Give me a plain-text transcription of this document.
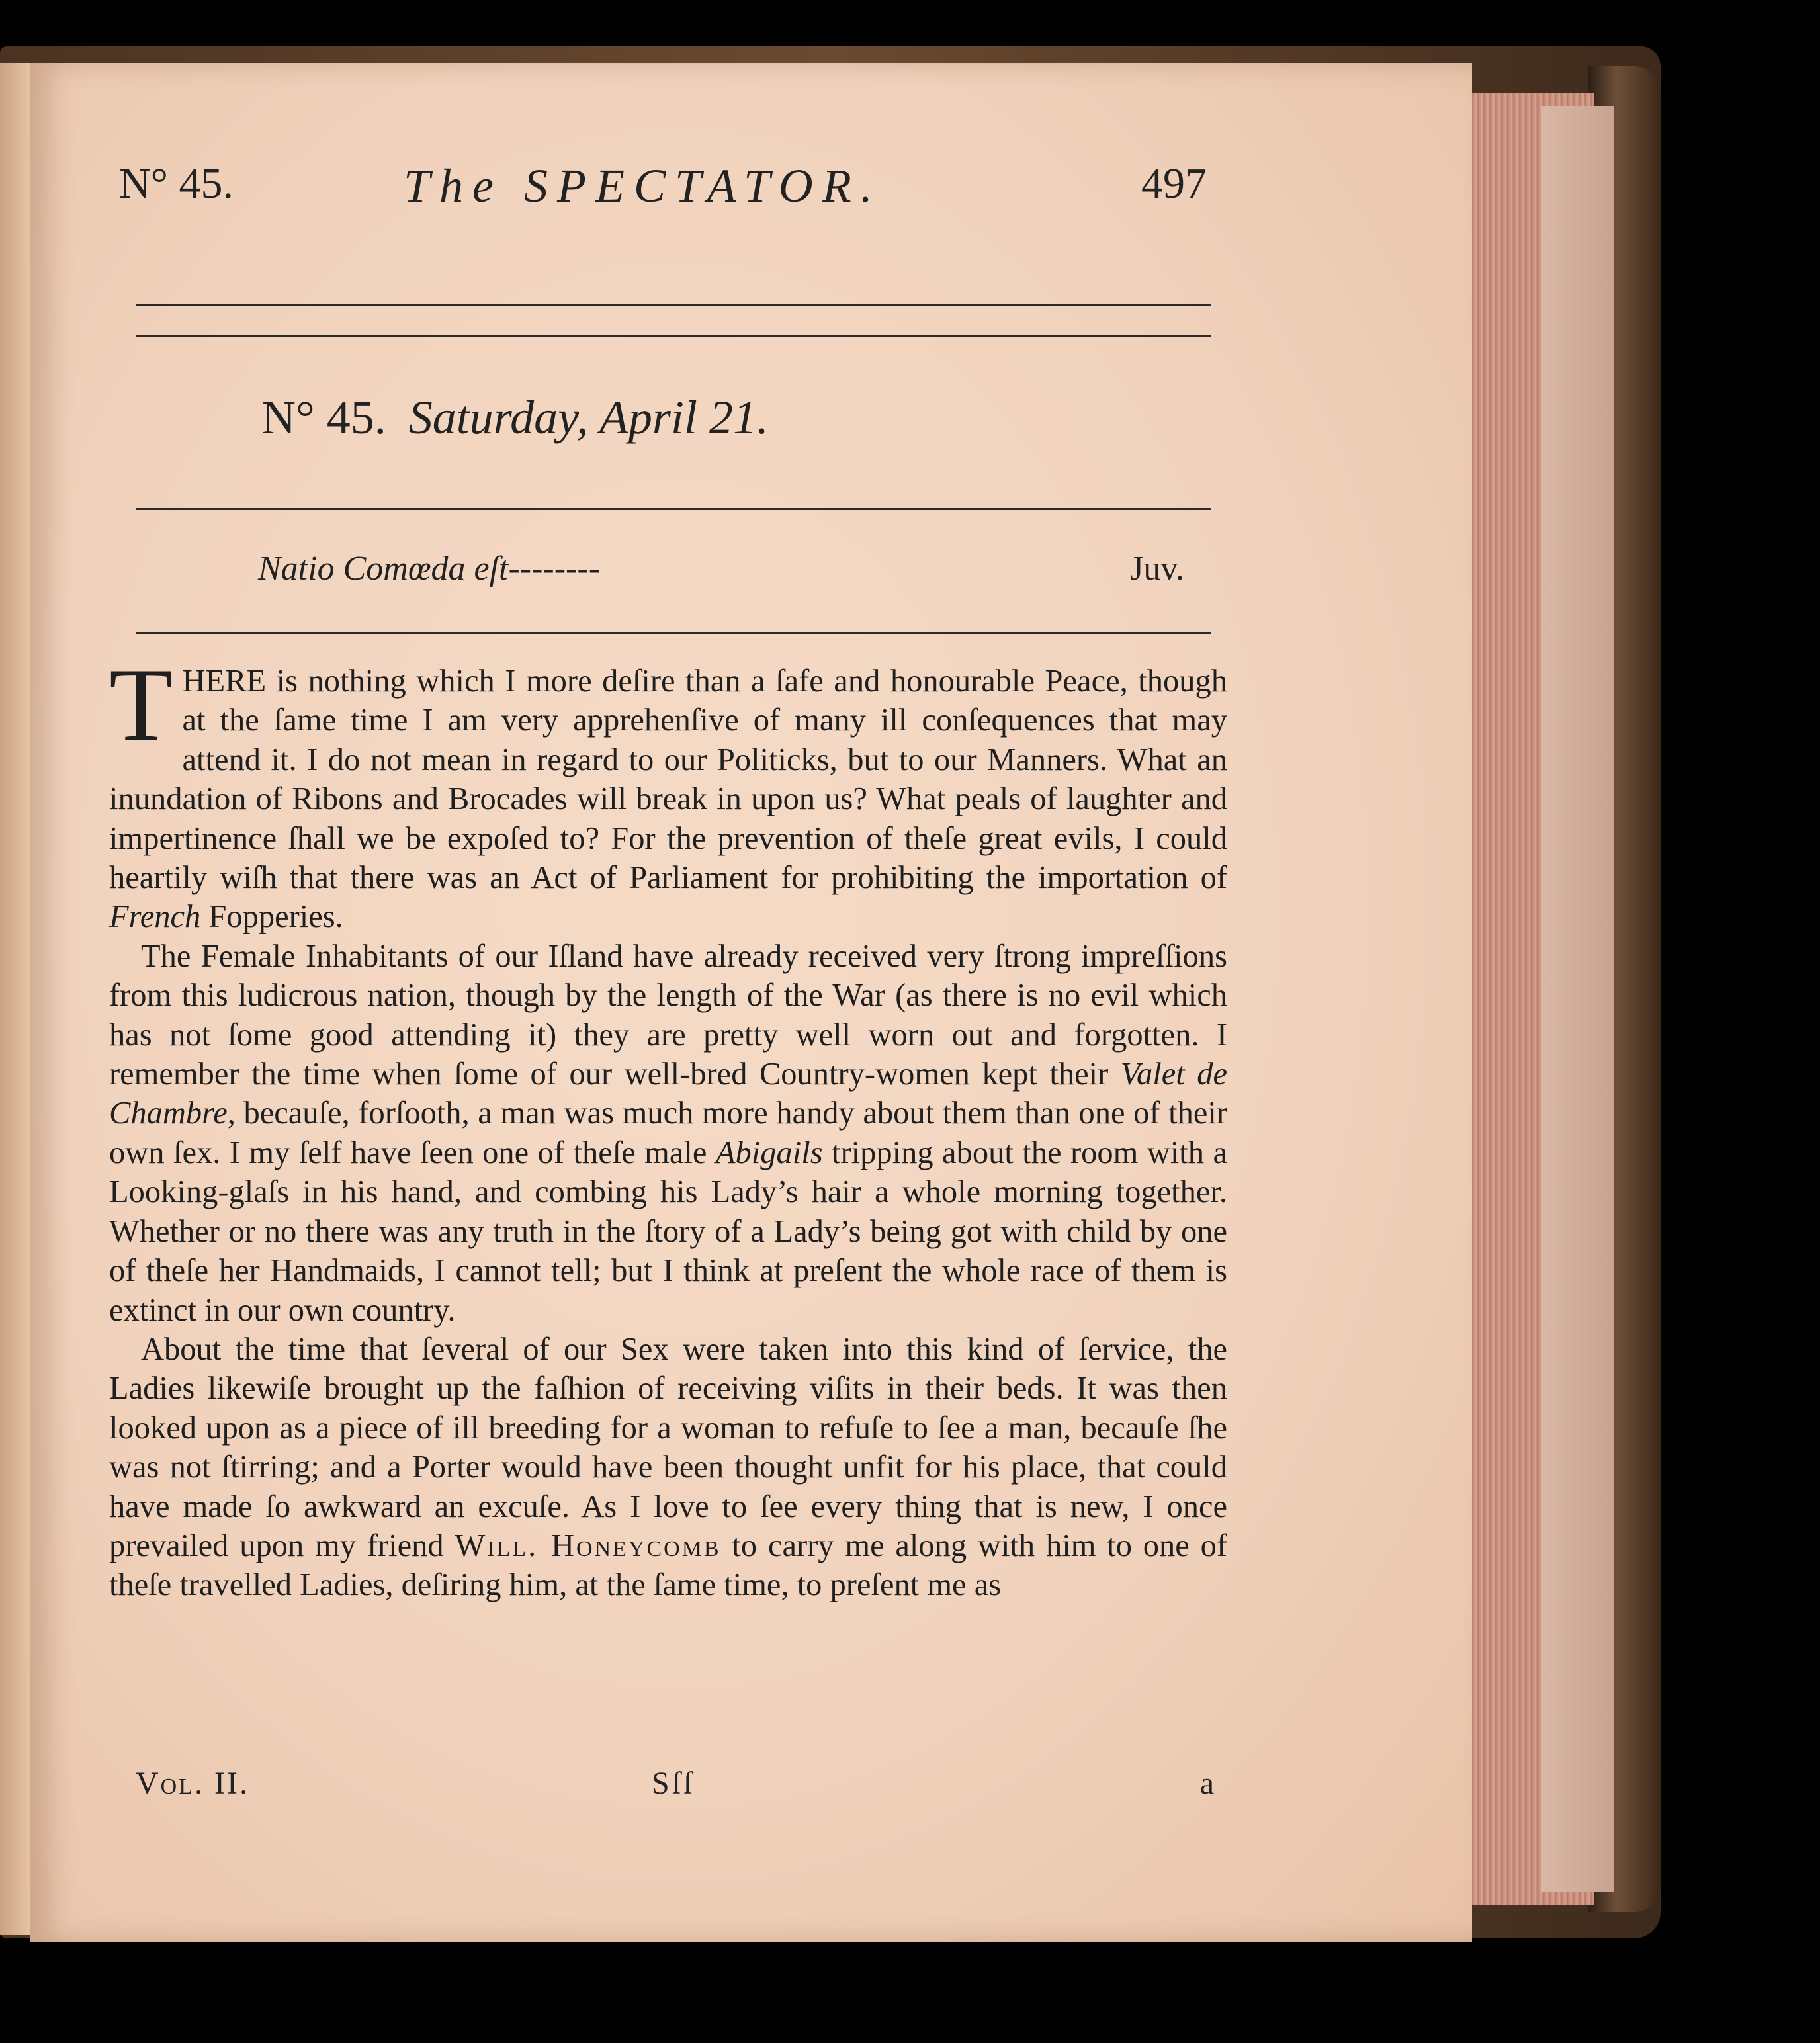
N° 45.	The SPECTATOR.	497
N° 45. Saturday, April 21.
Natio Comœda eſt--------	Juv.

THERE is nothing which I more deſire than a ſafe and honourable Peace, though at the ſame time I am very apprehenſive of many ill conſequences that may attend it. I do not mean in regard to our Politicks, but to our Manners. What an inundation of Ribons and Brocades will break in upon us? What peals of laughter and impertinence ſhall we be expoſed to? For the prevention of theſe great evils, I could heartily wiſh that there was an Act of Parliament for prohibiting the importation of French Fopperies.

The Female Inhabitants of our Iſland have already received very ſtrong impreſſions from this ludicrous nation, though by the length of the War (as there is no evil which has not ſome good attending it) they are pretty well worn out and forgotten. I remember the time when ſome of our well-bred Country-women kept their Valet de Chambre, becauſe, forſooth, a man was much more handy about them than one of their own ſex. I my ſelf have ſeen one of theſe male Abigails tripping about the room with a Looking-glaſs in his hand, and combing his Lady’s hair a whole morning together. Whether or no there was any truth in the ſtory of a Lady’s being got with child by one of theſe her Handmaids, I cannot tell; but I think at preſent the whole race of them is extinct in our own country.

About the time that ſeveral of our Sex were taken into this kind of ſervice, the Ladies likewiſe brought up the faſhion of receiving viſits in their beds. It was then looked upon as a piece of ill breeding for a woman to refuſe to ſee a man, becauſe ſhe was not ſtirring; and a Porter would have been thought unfit for his place, that could have made ſo awkward an excuſe. As I love to ſee every thing that is new, I once prevailed upon my friend Will. Honeycomb to carry me along with him to one of theſe travelled Ladies, deſiring him, at the ſame time, to preſent me as

Vol. II.	Sſſ	a
